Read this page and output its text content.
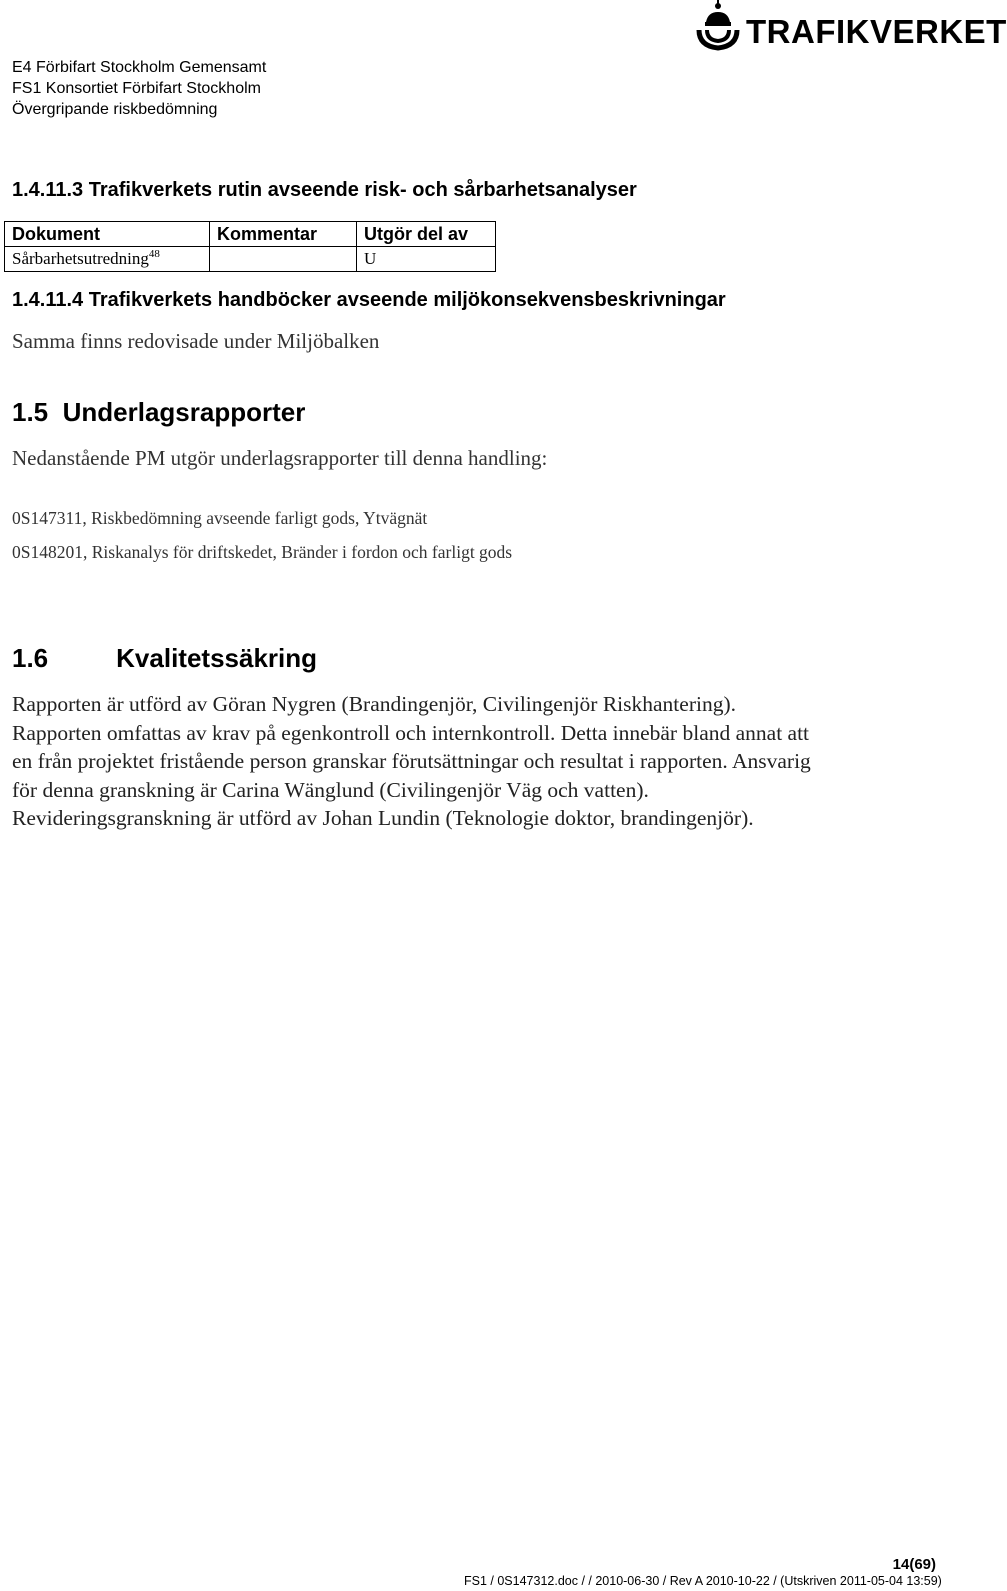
E4 Förbifart Stockholm Gemensamt
FS1 Konsortiet Förbifart Stockholm
Övergripande riskbedömning
TRAFIKVERKET
1.4.11.3 Trafikverkets rutin avseende risk- och sårbarhetsanalyser
Dokument	Kommentar	Utgör del av
Sårbarhetsutredning$^{48}$		U
1.4.11.4 Trafikverkets handböcker avseende miljökonsekvensbeskrivningar
Samma finns redovisade under Miljöbalken
1.5 Underlagsrapporter
Nedanstående PM utgör underlagsrapporter till denna handling:
0S147311, Riskbedömning avseende farligt gods, Ytvägnät
0S148201, Riskanalys för driftskedet, Bränder i fordon och farligt gods
1.6	Kvalitetssäkring
Rapporten är utförd av Göran Nygren (Brandingenjör, Civilingenjör Riskhantering).
Rapporten omfattas av krav på egenkontroll och internkontroll. Detta innebär bland annat att
en från projektet fristående person granskar förutsättningar och resultat i rapporten. Ansvarig
för denna granskning är Carina Wänglund (Civilingenjör Väg och vatten).
Revideringsgranskning är utförd av Johan Lundin (Teknologie doktor, brandingenjör).
14(69)
FS1 / 0S147312.doc / / 2010-06-30 / Rev A 2010-10-22 / (Utskriven 2011-05-04 13:59)
